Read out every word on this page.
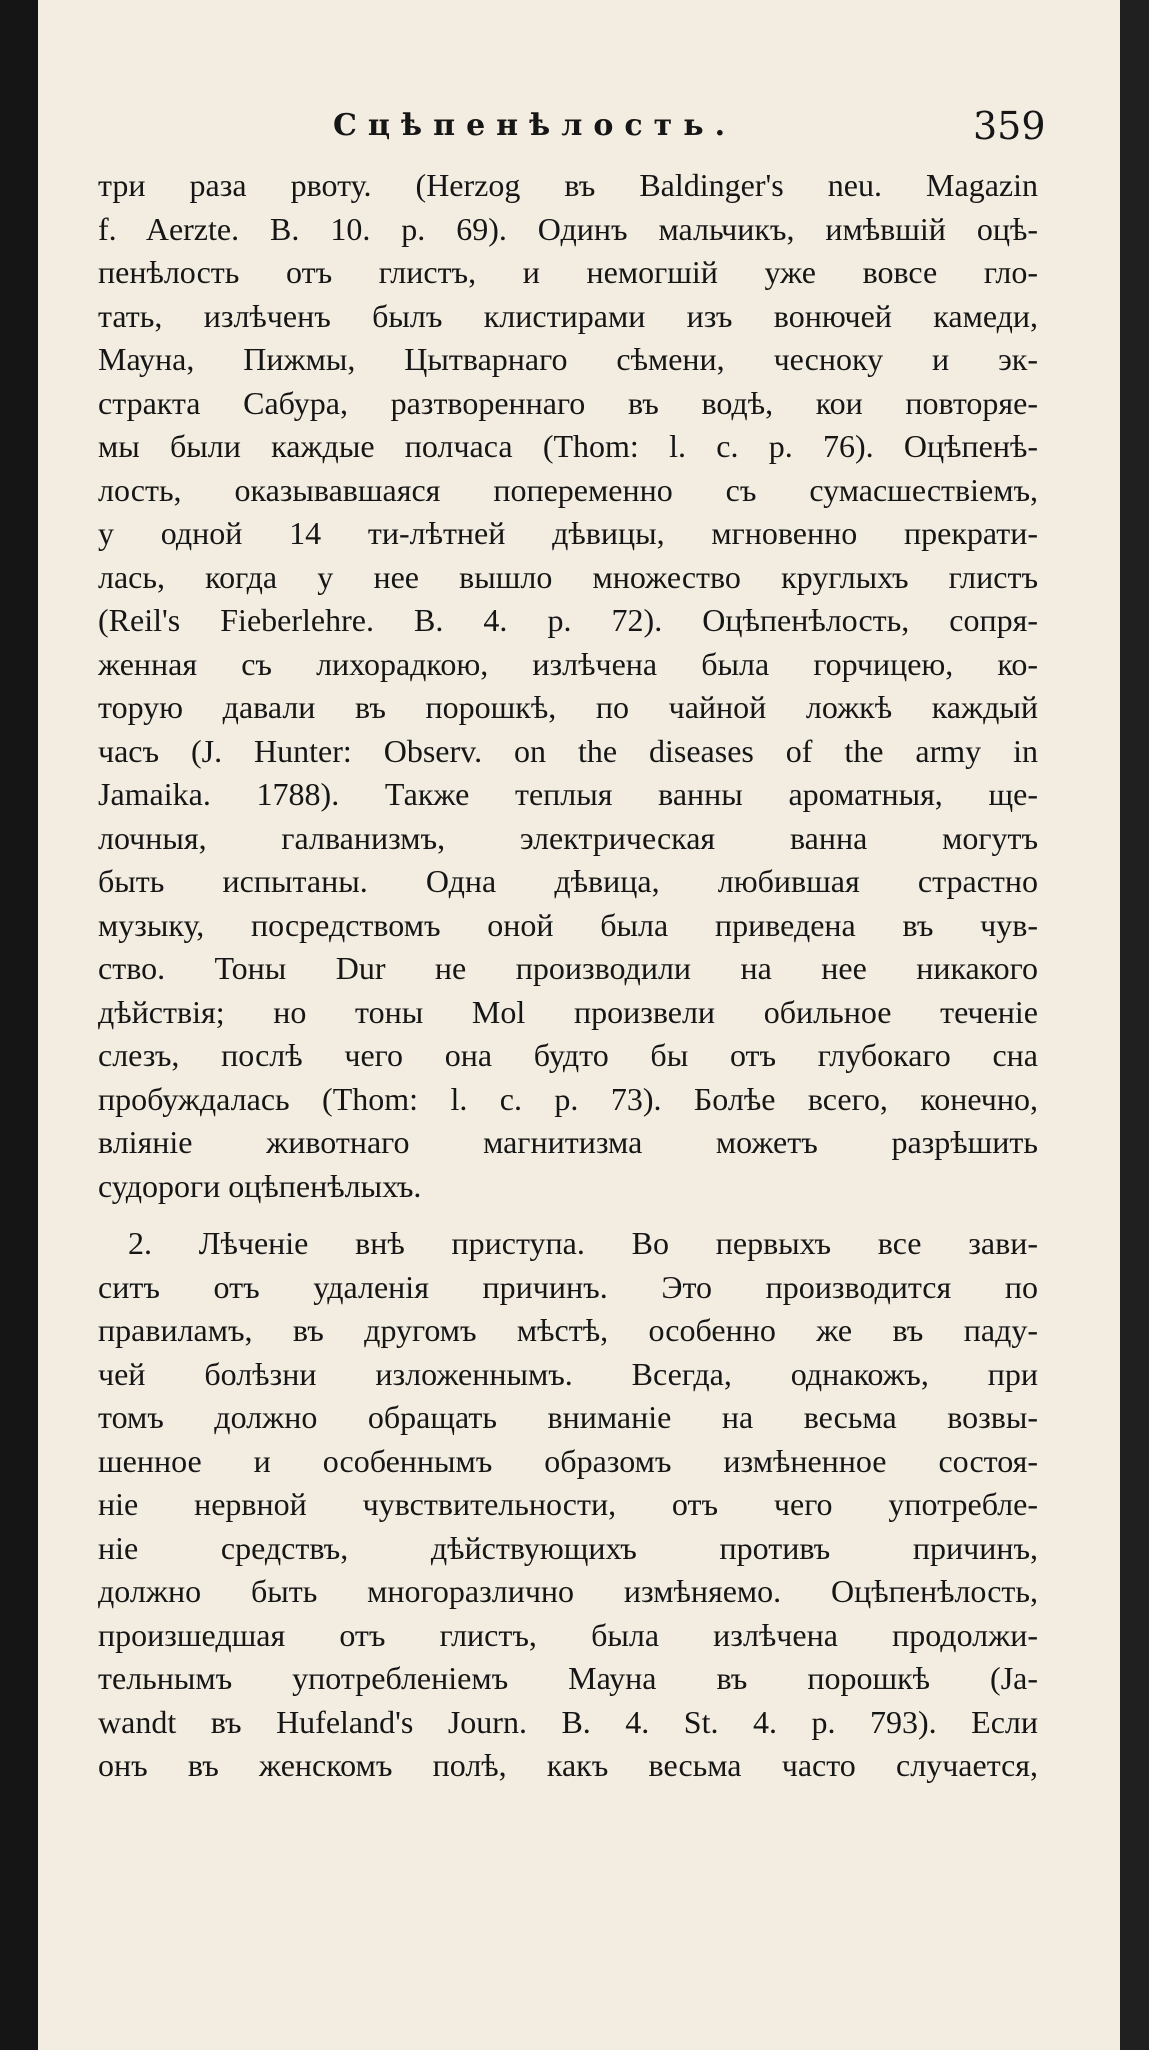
Сцѣпенѣлость.	359
три раза рвоту. (Herzog въ Baldinger's neu. Magazin
f. Aerzte. B. 10. p. 69). Одинъ мальчикъ, имѣвшій оцѣ-
пенѣлость отъ глистъ, и немогшій уже вовсе гло-
тать, излѣченъ былъ клистирами изъ вонючей камеди,
Мауна, Пижмы, Цытварнаго сѣмени, чесноку и эк-
стракта Сабура, разтвореннаго въ водѣ, кои повторяе-
мы были каждые полчаса (Thom: l. c. p. 76). Оцѣпенѣ-
лость, оказывавшаяся попеременно съ сумасшествіемъ,
у одной 14 ти-лѣтней дѣвицы, мгновенно прекрати-
лась, когда у нее вышло множество круглыхъ глистъ
(Reil's Fieberlehre. B. 4. p. 72). Оцѣпенѣлость, сопря-
женная съ лихорадкою, излѣчена была горчицею, ко-
торую давали въ порошкѣ, по чайной ложкѣ каждый
часъ (J. Hunter: Observ. on the diseases of the army in
Jamaika. 1788). Также теплыя ванны ароматныя, ще-
лочныя, галванизмъ, электрическая ванна могутъ
быть испытаны. Одна дѣвица, любившая страстно
музыку, посредствомъ оной была приведена въ чув-
ство. Тоны Dur не производили на нее никакого
дѣйствія; но тоны Mol произвели обильное теченіе
слезъ, послѣ чего она будто бы отъ глубокаго сна
пробуждалась (Thom: l. c. p. 73). Болѣе всего, конечно,
вліяніе животнаго магнитизма можетъ разрѣшить
судороги оцѣпенѣлыхъ.
2. Лѣченіе внѣ приступа. Во первыхъ все зави-
ситъ отъ удаленія причинъ. Это производится по
правиламъ, въ другомъ мѣстѣ, особенно же въ паду-
чей болѣзни изложеннымъ. Всегда, однакожъ, при
томъ должно обращать вниманіе на весьма возвы-
шенное и особеннымъ образомъ измѣненное состоя-
ніе нервной чувствительности, отъ чего употребле-
ніе средствъ, дѣйствующихъ противъ причинъ,
должно быть многоразлично измѣняемо. Оцѣпенѣлость,
произшедшая отъ глистъ, была излѣчена продолжи-
тельнымъ употребленіемъ Мауна въ порошкѣ (Ja-
wandt въ Hufeland's Journ. B. 4. St. 4. p. 793). Если
онъ въ женскомъ полѣ, какъ весьма часто случается,
